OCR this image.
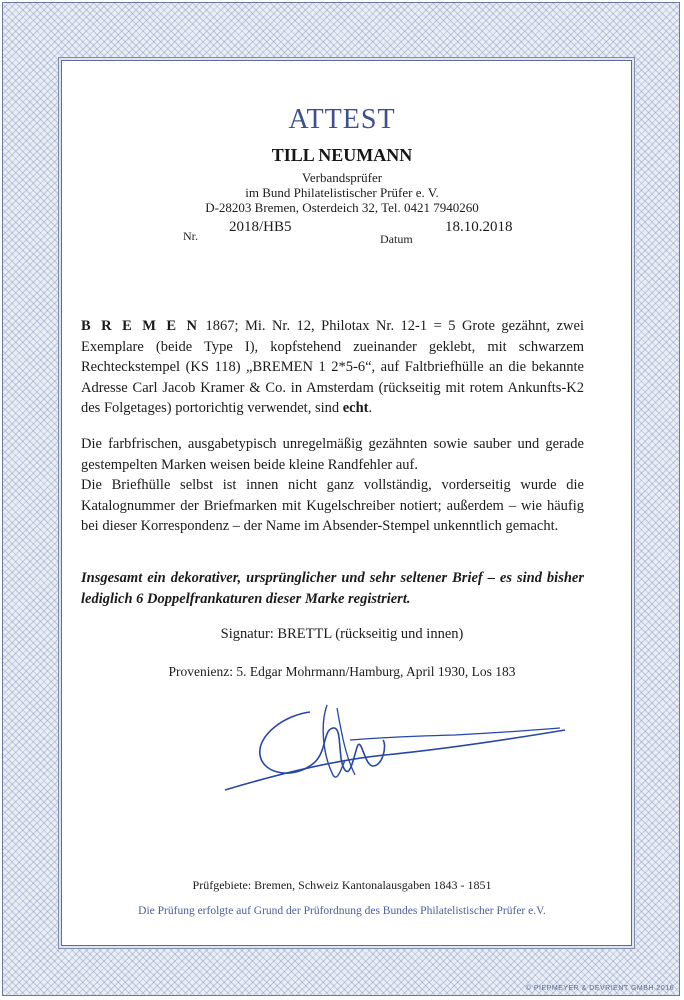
ATTEST
TILL NEUMANN
Verbandsprüfer
im Bund Philatelistischer Prüfer e. V.
D-28203 Bremen, Osterdeich 32, Tel. 0421 7940260
Nr.
2018/HB5
Datum
18.10.2018
B R E M E N 1867; Mi. Nr. 12, Philotax Nr. 12-1 = 5 Grote gezähnt, zwei Exemplare (beide Type I), kopfstehend zueinander geklebt, mit schwarzem Rechteckstempel (KS 118) „BREMEN 1 2*5-6“, auf Faltbriefhülle an die bekannte Adresse Carl Jacob Kramer & Co. in Amsterdam (rückseitig mit rotem Ankunfts-K2 des Folgetages) portorichtig verwendet, sind echt.
Die farbfrischen, ausgabetypisch unregelmäßig gezähnten sowie sauber und gerade gestempelten Marken weisen beide kleine Randfehler auf.
Die Briefhülle selbst ist innen nicht ganz vollständig, vorderseitig wurde die Katalognummer der Briefmarken mit Kugelschreiber notiert; außerdem – wie häufig bei dieser Korrespondenz – der Name im Absender-Stempel unkenntlich gemacht.
Insgesamt ein dekorativer, ursprünglicher und sehr seltener Brief – es sind bisher lediglich 6 Doppelfrankaturen dieser Marke registriert.
Signatur: BRETTL (rückseitig und innen)
Provenienz: 5. Edgar Mohrmann/Hamburg, April 1930, Los 183
Prüfgebiete: Bremen, Schweiz Kantonalausgaben 1843 - 1851
Die Prüfung erfolgte auf Grund der Prüfordnung des Bundes Philatelistischer Prüfer e.V.
© PIEPMEYER & DEVRIENT GMBH 2016
